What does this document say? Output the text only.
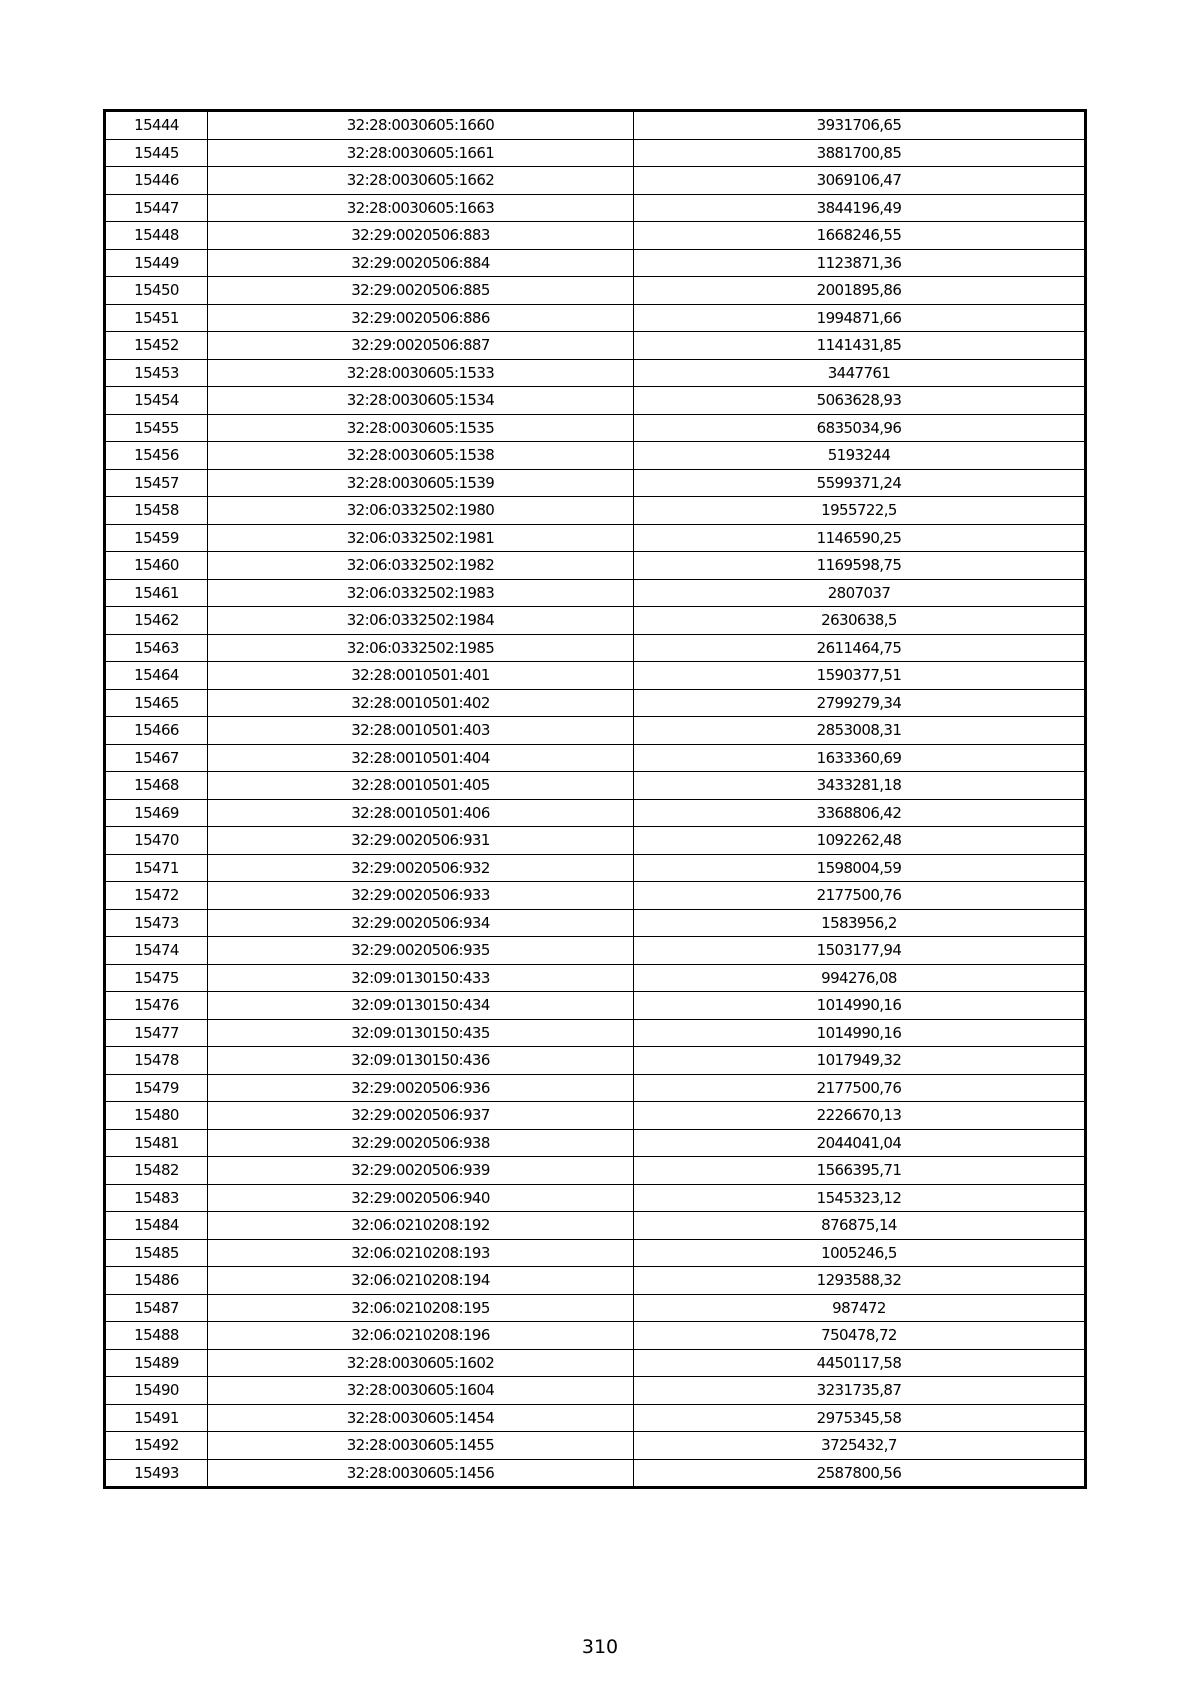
15444	32:28:0030605:1660	3931706,65
15445	32:28:0030605:1661	3881700,85
15446	32:28:0030605:1662	3069106,47
15447	32:28:0030605:1663	3844196,49
15448	32:29:0020506:883	1668246,55
15449	32:29:0020506:884	1123871,36
15450	32:29:0020506:885	2001895,86
15451	32:29:0020506:886	1994871,66
15452	32:29:0020506:887	1141431,85
15453	32:28:0030605:1533	3447761
15454	32:28:0030605:1534	5063628,93
15455	32:28:0030605:1535	6835034,96
15456	32:28:0030605:1538	5193244
15457	32:28:0030605:1539	5599371,24
15458	32:06:0332502:1980	1955722,5
15459	32:06:0332502:1981	1146590,25
15460	32:06:0332502:1982	1169598,75
15461	32:06:0332502:1983	2807037
15462	32:06:0332502:1984	2630638,5
15463	32:06:0332502:1985	2611464,75
15464	32:28:0010501:401	1590377,51
15465	32:28:0010501:402	2799279,34
15466	32:28:0010501:403	2853008,31
15467	32:28:0010501:404	1633360,69
15468	32:28:0010501:405	3433281,18
15469	32:28:0010501:406	3368806,42
15470	32:29:0020506:931	1092262,48
15471	32:29:0020506:932	1598004,59
15472	32:29:0020506:933	2177500,76
15473	32:29:0020506:934	1583956,2
15474	32:29:0020506:935	1503177,94
15475	32:09:0130150:433	994276,08
15476	32:09:0130150:434	1014990,16
15477	32:09:0130150:435	1014990,16
15478	32:09:0130150:436	1017949,32
15479	32:29:0020506:936	2177500,76
15480	32:29:0020506:937	2226670,13
15481	32:29:0020506:938	2044041,04
15482	32:29:0020506:939	1566395,71
15483	32:29:0020506:940	1545323,12
15484	32:06:0210208:192	876875,14
15485	32:06:0210208:193	1005246,5
15486	32:06:0210208:194	1293588,32
15487	32:06:0210208:195	987472
15488	32:06:0210208:196	750478,72
15489	32:28:0030605:1602	4450117,58
15490	32:28:0030605:1604	3231735,87
15491	32:28:0030605:1454	2975345,58
15492	32:28:0030605:1455	3725432,7
15493	32:28:0030605:1456	2587800,56
310
